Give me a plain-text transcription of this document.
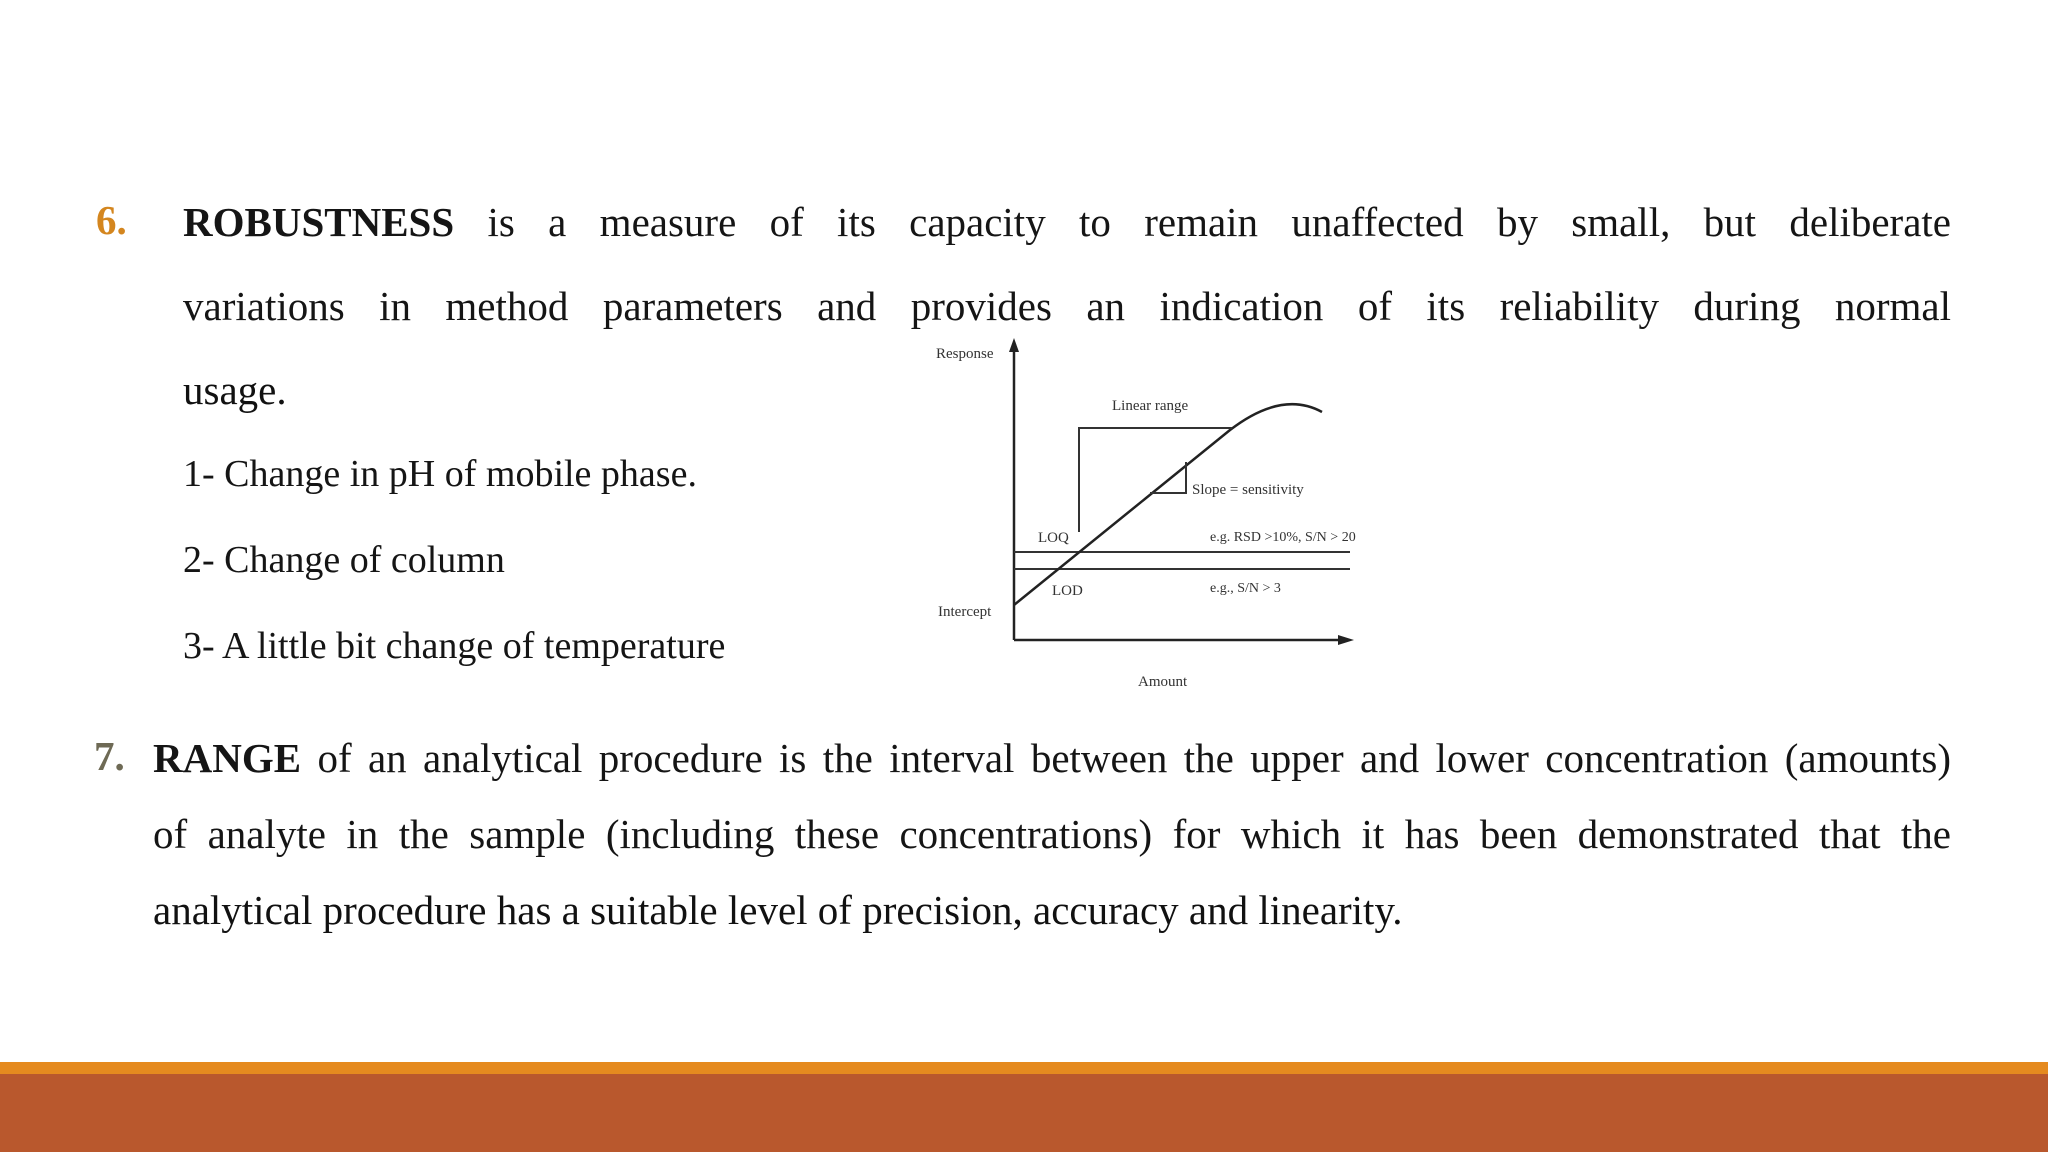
6. ROBUSTNESS is a measure of its capacity to remain unaffected by small, but deliberate
variations in method parameters and provides an indication of its reliability during normal
usage.
1- Change in pH of mobile phase.
2- Change of column
3- A little bit change of temperature
Response
Amount
Intercept
Linear range
Slope = sensitivity
LOQ
LOD
e.g. RSD >10%, S/N > 20
e.g., S/N > 3
7. RANGE of an analytical procedure is the interval between the upper and lower concentration (amounts)
of analyte in the sample (including these concentrations) for which it has been demonstrated that the
analytical procedure has a suitable level of precision, accuracy and linearity.
